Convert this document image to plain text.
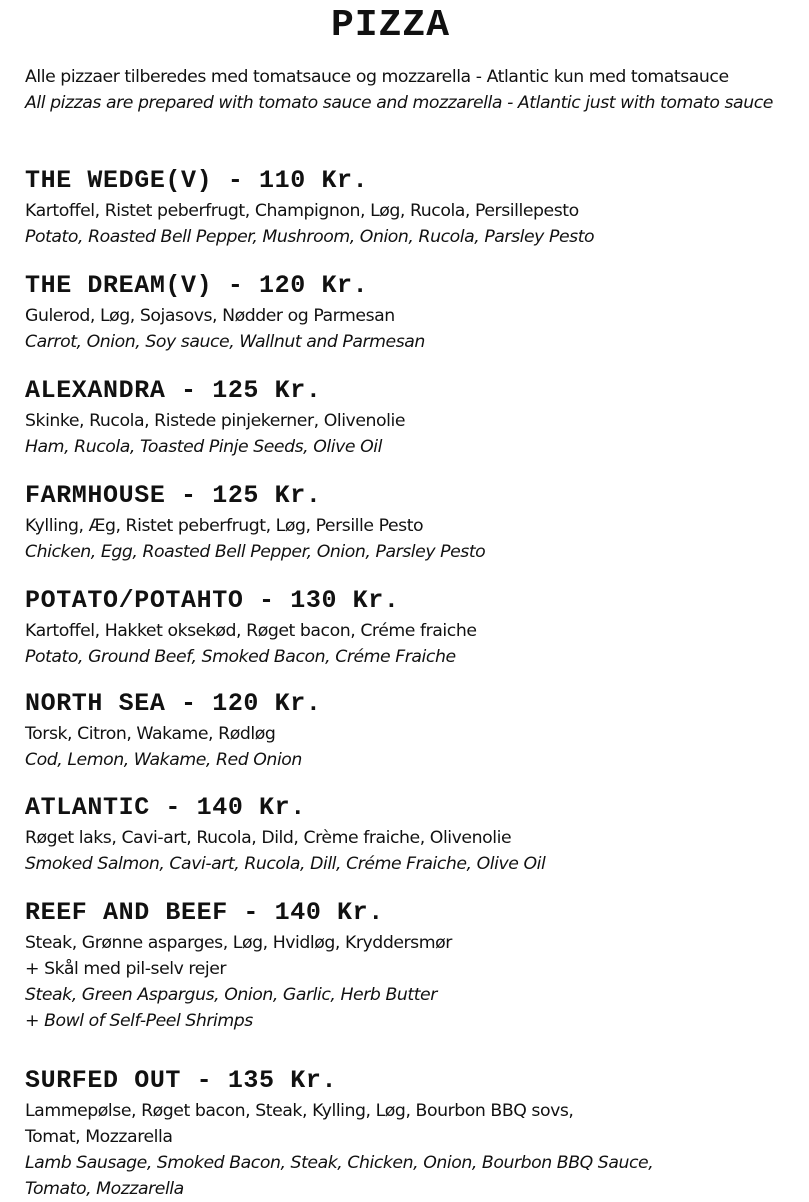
PIZZA
Alle pizzaer tilberedes med tomatsauce og mozzarella - Atlantic kun med tomatsauce
All pizzas are prepared with tomato sauce and mozzarella - Atlantic just with tomato sauce
THE WEDGE(V) - 110 Kr.
Kartoffel, Ristet peberfrugt, Champignon, Løg, Rucola, Persillepesto
Potato, Roasted Bell Pepper, Mushroom, Onion, Rucola, Parsley Pesto
THE DREAM(V) - 120 Kr.
Gulerod, Løg, Sojasovs, Nødder og Parmesan
Carrot, Onion, Soy sauce, Wallnut and Parmesan
ALEXANDRA - 125 Kr.
Skinke, Rucola, Ristede pinjekerner, Olivenolie
Ham, Rucola, Toasted Pinje Seeds, Olive Oil
FARMHOUSE - 125 Kr.
Kylling, Æg, Ristet peberfrugt, Løg, Persille Pesto
Chicken, Egg, Roasted Bell Pepper, Onion, Parsley Pesto
POTATO/POTAHTO - 130 Kr.
Kartoffel, Hakket oksekød, Røget bacon, Créme fraiche
Potato, Ground Beef, Smoked Bacon, Créme Fraiche
NORTH SEA - 120 Kr.
Torsk, Citron, Wakame, Rødløg
Cod, Lemon, Wakame, Red Onion
ATLANTIC - 140 Kr.
Røget laks, Cavi-art, Rucola, Dild, Crème fraiche, Olivenolie
Smoked Salmon, Cavi-art, Rucola, Dill, Créme Fraiche, Olive Oil
REEF AND BEEF - 140 Kr.
Steak, Grønne asparges, Løg, Hvidløg, Kryddersmør
+ Skål med pil-selv rejer
Steak, Green Aspargus, Onion, Garlic, Herb Butter
+ Bowl of Self-Peel Shrimps
SURFED OUT - 135 Kr.
Lammepølse, Røget bacon, Steak, Kylling, Løg, Bourbon BBQ sovs,
Tomat, Mozzarella
Lamb Sausage, Smoked Bacon, Steak, Chicken, Onion, Bourbon BBQ Sauce,
Tomato, Mozzarella
